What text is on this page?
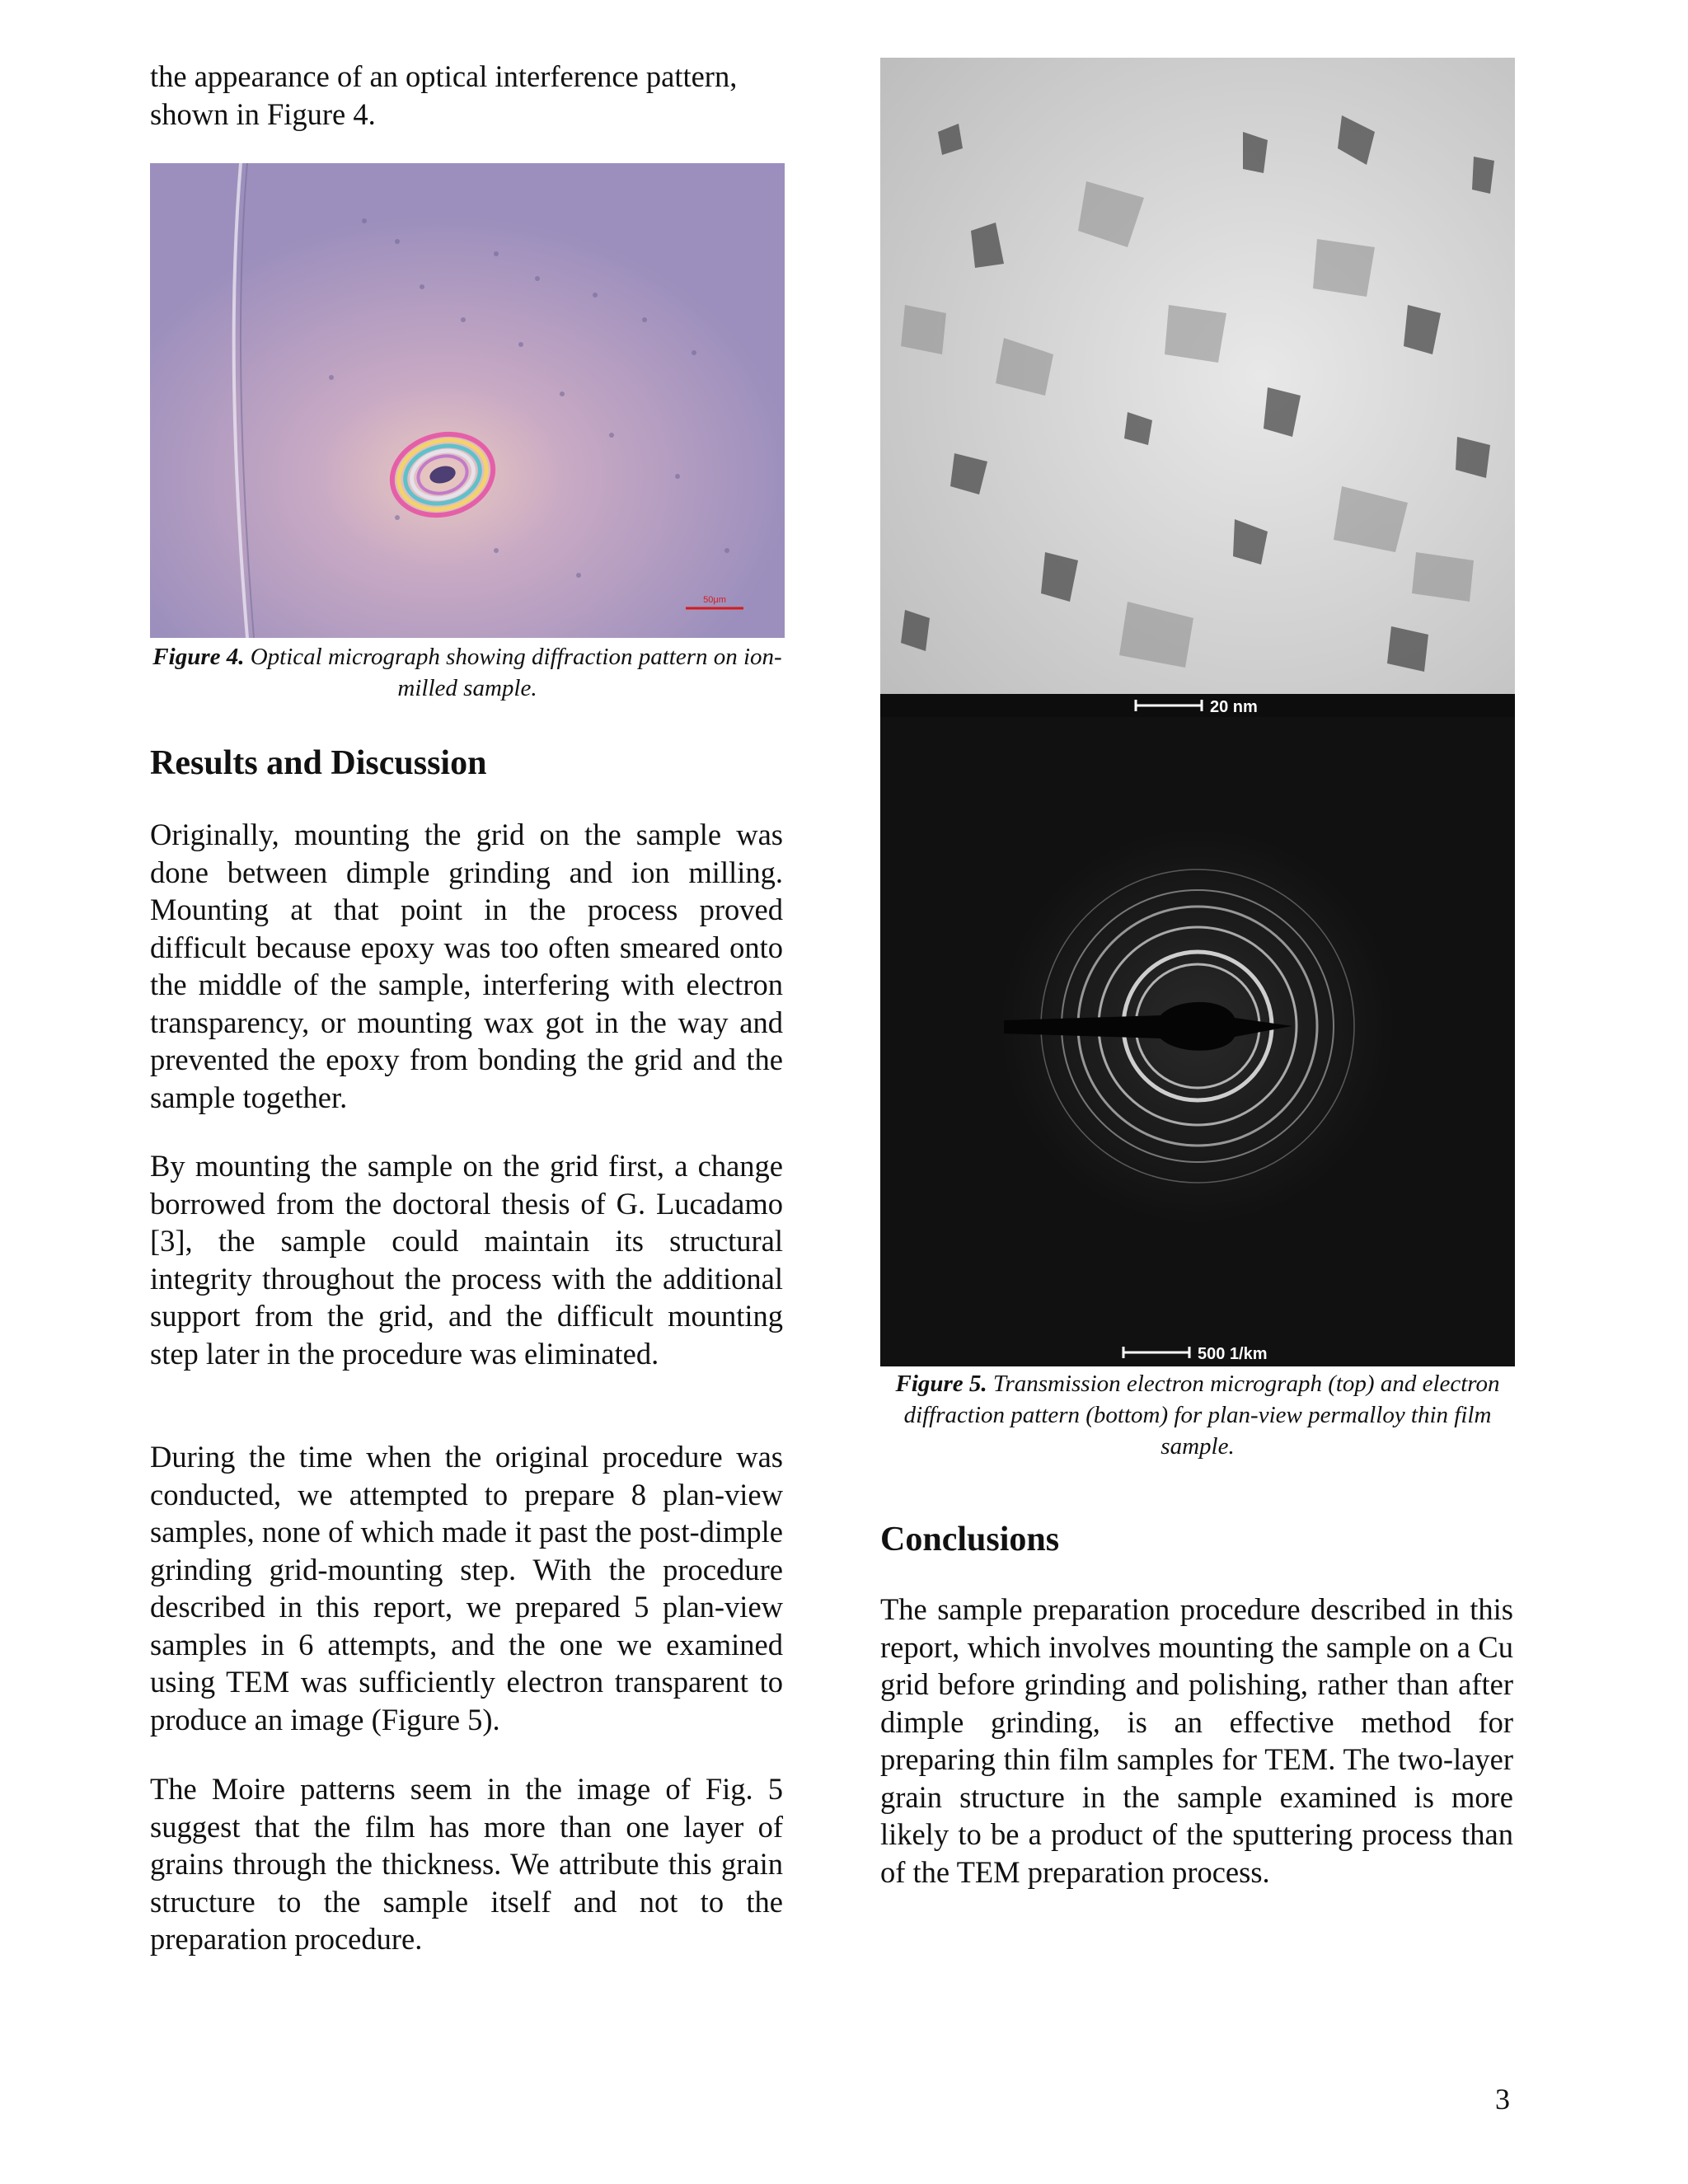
the appearance of an optical interference pattern, shown in Figure 4.

50μm

Figure 4. Optical micrograph showing diffraction pattern on ion-milled sample.

Results and Discussion

Originally, mounting the grid on the sample was done between dimple grinding and ion milling. Mounting at that point in the process proved difficult because epoxy was too often smeared onto the middle of the sample, interfering with electron transparency, or mounting wax got in the way and prevented the epoxy from bonding the grid and the sample together.

By mounting the sample on the grid first, a change borrowed from the doctoral thesis of G. Lucadamo [3], the sample could maintain its structural integrity throughout the process with the additional support from the grid, and the difficult mounting step later in the procedure was eliminated.

During the time when the original procedure was conducted, we attempted to prepare 8 plan-view samples, none of which made it past the post-dimple grinding grid-mounting step. With the procedure described in this report, we prepared 5 plan-view samples in 6 attempts, and the one we examined using TEM was sufficiently electron transparent to produce an image (Figure 5).

The Moire patterns seem in the image of Fig. 5 suggest that the film has more than one layer of grains through the thickness. We attribute this grain structure to the sample itself and not to the preparation procedure.

20 nm
500 1/km

Figure 5. Transmission electron micrograph (top) and electron diffraction pattern (bottom) for plan-view permalloy thin film sample.

Conclusions

The sample preparation procedure described in this report, which involves mounting the sample on a Cu grid before grinding and polishing, rather than after dimple grinding, is an effective method for preparing thin film samples for TEM. The two-layer grain structure in the sample examined is more likely to be a product of the sputtering process than of the TEM preparation process.

3
